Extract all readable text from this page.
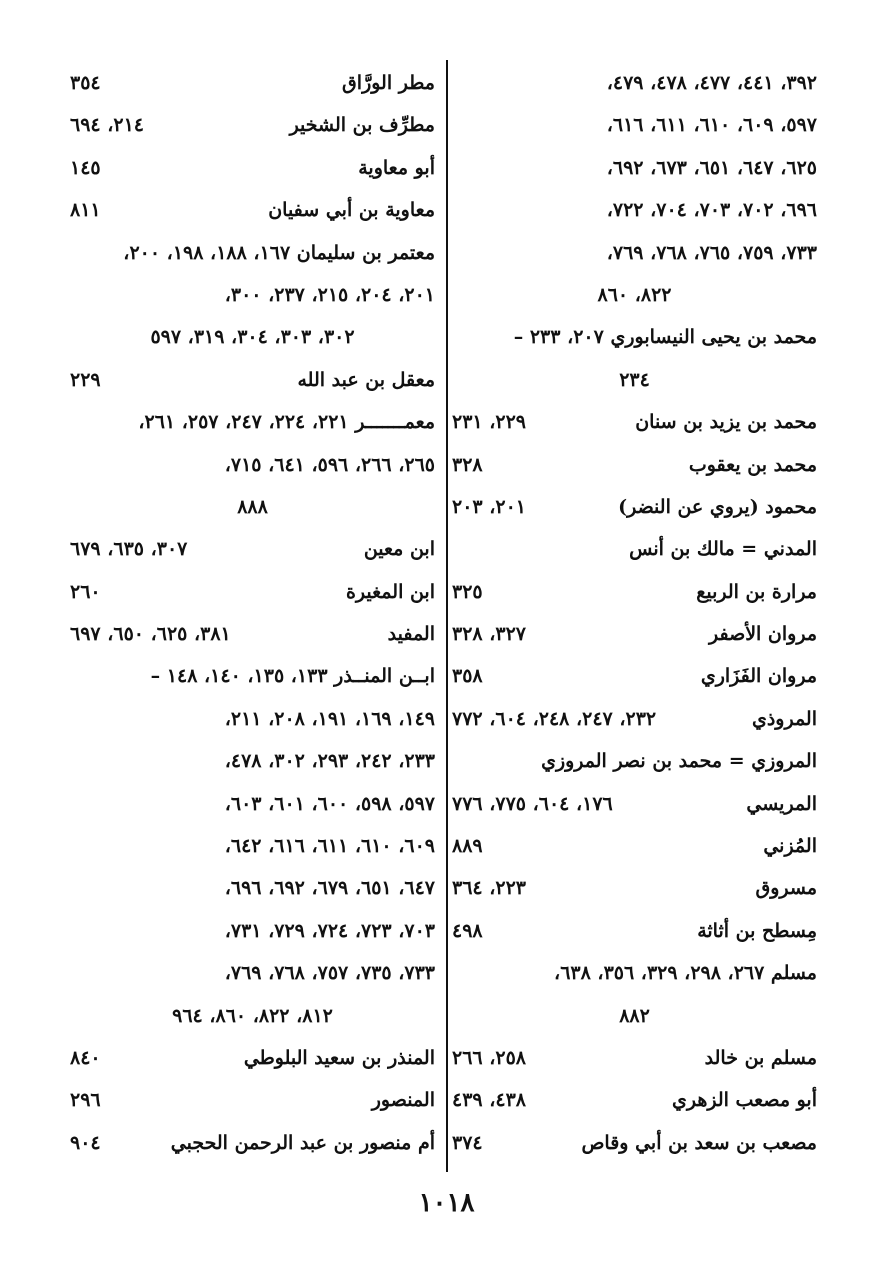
٣٩٢، ٤٤١، ٤٧٧، ٤٧٨، ٤٧٩،
٥٩٧، ٦٠٩، ٦١٠، ٦١١، ٦١٦،
٦٢٥، ٦٤٧، ٦٥١، ٦٧٣، ٦٩٢،
٦٩٦، ٧٠٢، ٧٠٣، ٧٠٤، ٧٢٢،
٧٣٣، ٧٥٩، ٧٦٥، ٧٦٨، ٧٦٩،
٨٢٢، ٨٦٠
محمد بن يحيى النيسابوري ٢٠٧، ٢٣٣ –
٢٣٤
محمد بن يزيد بن سنان
٢٢٩، ٢٣١
محمد بن يعقوب
٣٢٨
محمود (يروي عن النضر)
٢٠١، ٢٠٣
المدني = مالك بن أنس
مرارة بن الربيع
٣٢٥
مروان الأصفر
٣٢٧، ٣٢٨
مروان الفَزَاري
٣٥٨
المروذي
٢٣٢، ٢٤٧، ٢٤٨، ٦٠٤، ٧٧٢
المروزي = محمد بن نصر المروزي
المريسي
١٧٦، ٦٠٤، ٧٧٥، ٧٧٦
المُزني
٨٨٩
مسروق
٢٢٣، ٣٦٤
مِسطح بن أثاثة
٤٩٨
مسلم ٢٦٧، ٢٩٨، ٣٢٩، ٣٥٦، ٦٣٨،
٨٨٢
مسلم بن خالد
٢٥٨، ٢٦٦
أبو مصعب الزهري
٤٣٨، ٤٣٩
مصعب بن سعد بن أبي وقاص
٣٧٤
مطر الورَّاق
٣٥٤
مطرِّف بن الشخير
٢١٤، ٦٩٤
أبو معاوية
١٤٥
معاوية بن أبي سفيان
٨١١
معتمر بن سليمان ١٦٧، ١٨٨، ١٩٨، ٢٠٠،
٢٠١، ٢٠٤، ٢١٥، ٢٣٧، ٣٠٠،
٣٠٢، ٣٠٣، ٣٠٤، ٣١٩، ٥٩٧
معقل بن عبد الله
٢٢٩
معمـــــــر ٢٢١، ٢٢٤، ٢٤٧، ٢٥٧، ٢٦١،
٢٦٥، ٢٦٦، ٥٩٦، ٦٤١، ٧١٥،
٨٨٨
ابن معين
٣٠٧، ٦٣٥، ٦٧٩
ابن المغيرة
٢٦٠
المفيد
٣٨١، ٦٢٥، ٦٥٠، ٦٩٧
ابــن المنــذر ١٣٣، ١٣٥، ١٤٠، ١٤٨ –
١٤٩، ١٦٩، ١٩١، ٢٠٨، ٢١١،
٢٣٣، ٢٤٢، ٢٩٣، ٣٠٢، ٤٧٨،
٥٩٧، ٥٩٨، ٦٠٠، ٦٠١، ٦٠٣،
٦٠٩، ٦١٠، ٦١١، ٦١٦، ٦٤٢،
٦٤٧، ٦٥١، ٦٧٩، ٦٩٢، ٦٩٦،
٧٠٣، ٧٢٣، ٧٢٤، ٧٢٩، ٧٣١،
٧٣٣، ٧٣٥، ٧٥٧، ٧٦٨، ٧٦٩،
٨١٢، ٨٢٢، ٨٦٠، ٩٦٤
المنذر بن سعيد البلوطي
٨٤٠
المنصور
٢٩٦
أم منصور بن عبد الرحمن الحجبي
٩٠٤
١٠١٨
